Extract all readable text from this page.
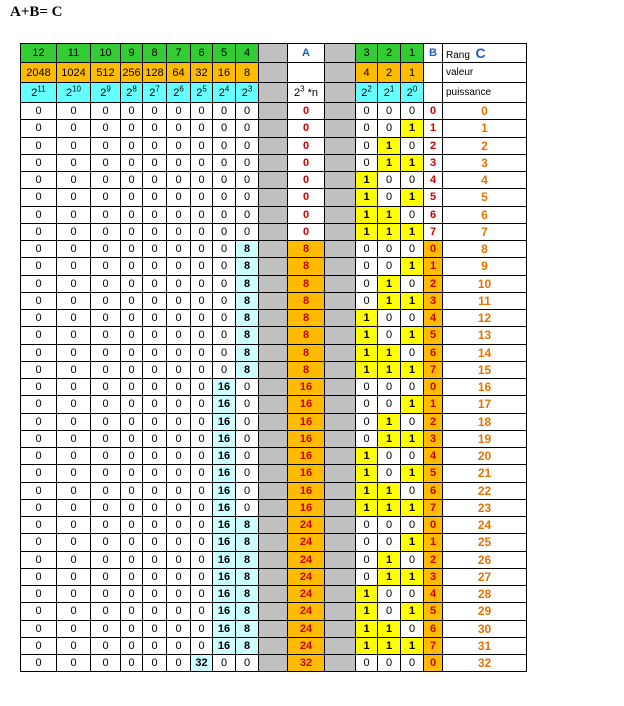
A+B= C
12	11	10	9	8	7	6	5	4		A		3	2	1	B	Rang C
2048	1024	512	256	128	64	32	16	8				4	2	1		valeur
$2^{11}$	$2^{10}$	$2^9$	$2^8$	$2^7$	$2^6$	$2^5$	$2^4$	$2^3$		$2^3$ *n		$2^2$	$2^1$	$2^0$		puissance
0	0	0	0	0	0	0	0	0		0		0	0	0	0	0
0	0	0	0	0	0	0	0	0		0		0	0	1	1	1
0	0	0	0	0	0	0	0	0		0		0	1	0	2	2
0	0	0	0	0	0	0	0	0		0		0	1	1	3	3
0	0	0	0	0	0	0	0	0		0		1	0	0	4	4
0	0	0	0	0	0	0	0	0		0		1	0	1	5	5
0	0	0	0	0	0	0	0	0		0		1	1	0	6	6
0	0	0	0	0	0	0	0	0		0		1	1	1	7	7
0	0	0	0	0	0	0	0	8		8		0	0	0	0	8
0	0	0	0	0	0	0	0	8		8		0	0	1	1	9
0	0	0	0	0	0	0	0	8		8		0	1	0	2	10
0	0	0	0	0	0	0	0	8		8		0	1	1	3	11
0	0	0	0	0	0	0	0	8		8		1	0	0	4	12
0	0	0	0	0	0	0	0	8		8		1	0	1	5	13
0	0	0	0	0	0	0	0	8		8		1	1	0	6	14
0	0	0	0	0	0	0	0	8		8		1	1	1	7	15
0	0	0	0	0	0	0	16	0		16		0	0	0	0	16
0	0	0	0	0	0	0	16	0		16		0	0	1	1	17
0	0	0	0	0	0	0	16	0		16		0	1	0	2	18
0	0	0	0	0	0	0	16	0		16		0	1	1	3	19
0	0	0	0	0	0	0	16	0		16		1	0	0	4	20
0	0	0	0	0	0	0	16	0		16		1	0	1	5	21
0	0	0	0	0	0	0	16	0		16		1	1	0	6	22
0	0	0	0	0	0	0	16	0		16		1	1	1	7	23
0	0	0	0	0	0	0	16	8		24		0	0	0	0	24
0	0	0	0	0	0	0	16	8		24		0	0	1	1	25
0	0	0	0	0	0	0	16	8		24		0	1	0	2	26
0	0	0	0	0	0	0	16	8		24		0	1	1	3	27
0	0	0	0	0	0	0	16	8		24		1	0	0	4	28
0	0	0	0	0	0	0	16	8		24		1	0	1	5	29
0	0	0	0	0	0	0	16	8		24		1	1	0	6	30
0	0	0	0	0	0	0	16	8		24		1	1	1	7	31
0	0	0	0	0	0	32	0	0		32		0	0	0	0	32
